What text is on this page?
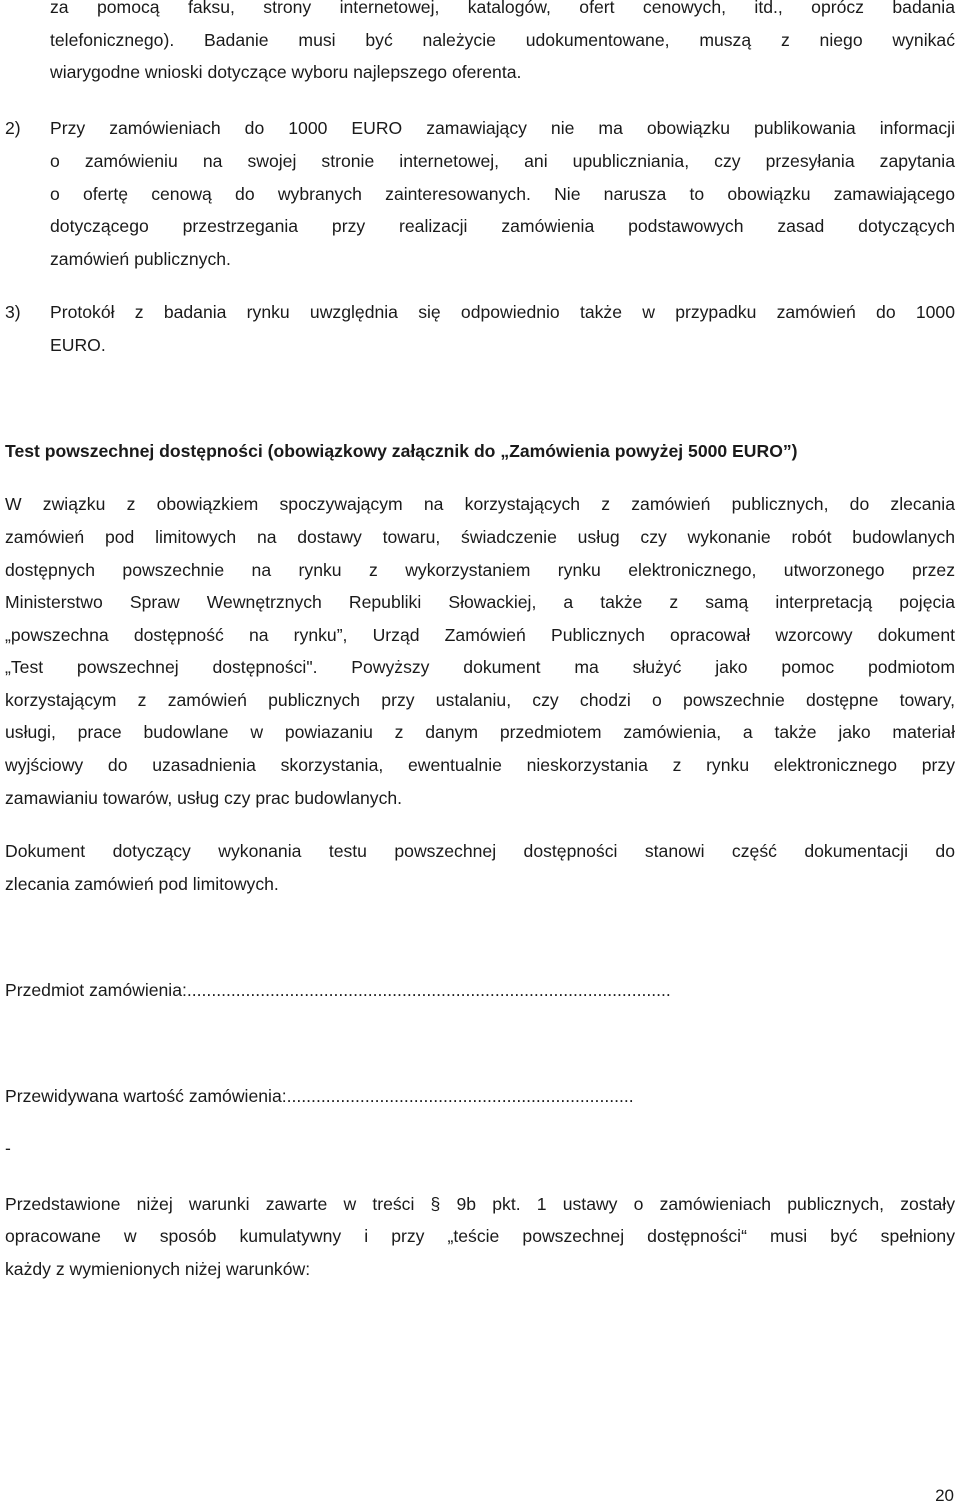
za pomocą faksu, strony internetowej, katalogów, ofert cenowych, itd., oprócz badania
telefonicznego). Badanie musi być należycie udokumentowane, muszą z niego wynikać
wiarygodne wnioski dotyczące wyboru najlepszego oferenta.
2) Przy zamówieniach do 1000 EURO zamawiający nie ma obowiązku publikowania informacji
o zamówieniu na swojej stronie internetowej, ani upubliczniania, czy przesyłania zapytania
o ofertę cenową do wybranych zainteresowanych. Nie narusza to obowiązku zamawiającego
dotyczącego przestrzegania przy realizacji zamówienia podstawowych zasad dotyczących
zamówień publicznych.
3) Protokół z badania rynku uwzględnia się odpowiednio także w przypadku zamówień do 1000
EURO.
Test powszechnej dostępności (obowiązkowy załącznik do „Zamówienia powyżej 5000 EURO”)
W związku z obowiązkiem spoczywającym na korzystających z zamówień publicznych, do zlecania
zamówień pod limitowych na dostawy towaru, świadczenie usług czy wykonanie robót budowlanych
dostępnych powszechnie na rynku z wykorzystaniem rynku elektronicznego, utworzonego przez
Ministerstwo Spraw Wewnętrznych Republiki Słowackiej, a także z samą interpretacją pojęcia
„powszechna dostępność na rynku”, Urząd Zamówień Publicznych opracował wzorcowy dokument
„Test powszechnej dostępności". Powyższy dokument ma służyć jako pomoc podmiotom
korzystającym z zamówień publicznych przy ustalaniu, czy chodzi o powszechnie dostępne towary,
usługi, prace budowlane w powiazaniu z danym przedmiotem zamówienia, a także jako materiał
wyjściowy do uzasadnienia skorzystania, ewentualnie nieskorzystania z rynku elektronicznego przy
zamawianiu towarów, usług czy prac budowlanych.
Dokument dotyczący wykonania testu powszechnej dostępności stanowi część dokumentacji do
zlecania zamówień pod limitowych.
Przedmiot zamówienia:...................................................................................................
Przewidywana wartość zamówienia:.......................................................................
-
Przedstawione niżej warunki zawarte w treści § 9b pkt. 1 ustawy o zamówieniach publicznych, zostały
opracowane w sposób kumulatywny i przy „teście powszechnej dostępności“ musi być spełniony
każdy z wymienionych niżej warunków:
20
